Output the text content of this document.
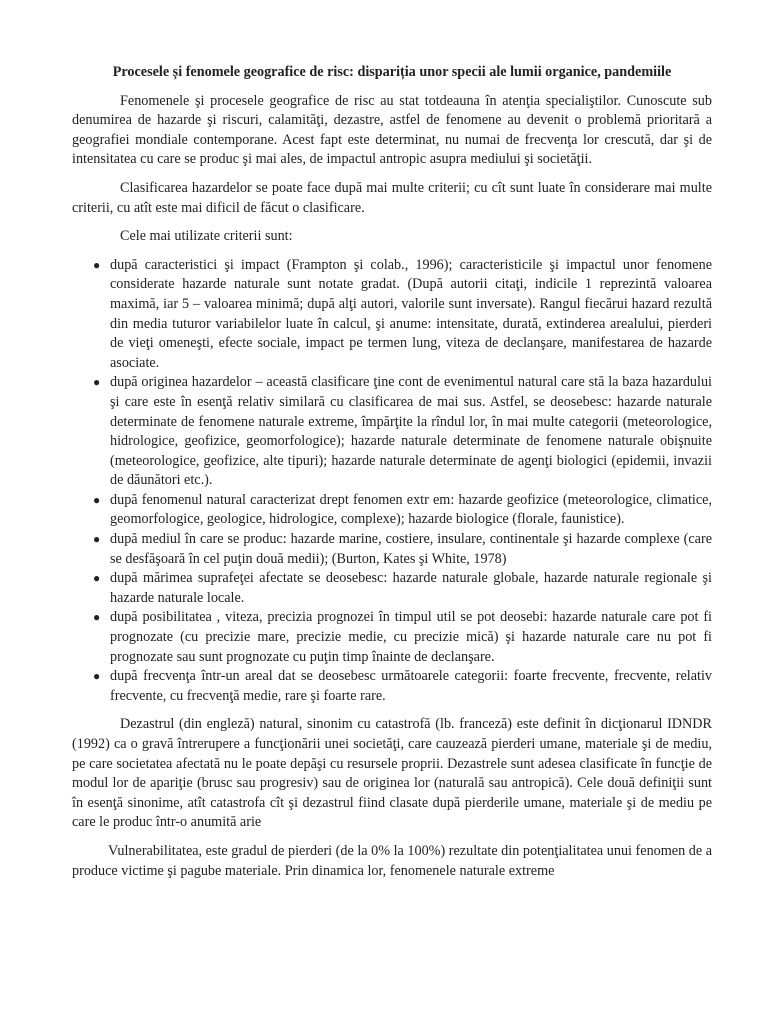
Procesele și fenomele geografice de risc: dispariția unor specii ale lumii organice, pandemiile

Fenomenele şi procesele geografice de risc au stat totdeauna în atenţia specialiştilor. Cunoscute sub denumirea de hazarde şi riscuri, calamităţi, dezastre, astfel de fenomene au devenit o problemă prioritară a geografiei mondiale contemporane. Acest fapt este determinat, nu numai de frecvenţa lor crescută, dar şi de intensitatea cu care se produc şi mai ales, de impactul antropic asupra mediului şi societăţii.

Clasificarea hazardelor se poate face după mai multe criterii; cu cît sunt luate în considerare mai multe criterii, cu atît este mai dificil de făcut o clasificare.

Cele mai utilizate criterii sunt:

● după caracteristici şi impact (Frampton şi colab., 1996); caracteristicile şi impactul unor fenomene considerate hazarde naturale sunt notate gradat. (După autorii citaţi, indicile 1 reprezintă valoarea maximă, iar 5 – valoarea minimă; după alţi autori, valorile sunt inversate). Rangul fiecărui hazard rezultă din media tuturor variabilelor luate în calcul, şi anume: intensitate, durată, extinderea arealului, pierderi de vieţi omeneşti, efecte sociale, impact pe termen lung, viteza de declanşare, manifestarea de hazarde asociate.
● după originea hazardelor – această clasificare ţine cont de evenimentul natural care stă la baza hazardului şi care este în esenţă relativ similară cu clasificarea de mai sus. Astfel, se deosebesc: hazarde naturale determinate de fenomene naturale extreme, împărţite la rîndul lor, în mai multe categorii (meteorologice, hidrologice, geofizice, geomorfologice); hazarde naturale determinate de fenomene naturale obişnuite (meteorologice, geofizice, alte tipuri); hazarde naturale determinate de agenţi biologici (epidemii, invazii de dăunători etc.).
● după fenomenul natural caracterizat drept fenomen extr em: hazarde geofizice (meteorologice, climatice, geomorfologice, geologice, hidrologice, complexe); hazarde biologice (florale, faunistice).
● după mediul în care se produc: hazarde marine, costiere, insulare, continentale şi hazarde complexe (care se desfăşoară în cel puţin două medii); (Burton, Kates şi White, 1978)
● după mărimea suprafeţei afectate se deosebesc: hazarde naturale globale, hazarde naturale regionale şi hazarde naturale locale.
● după posibilitatea , viteza, precizia prognozei în timpul util se pot deosebi: hazarde naturale care pot fi prognozate (cu precizie mare, precizie medie, cu precizie mică) şi hazarde naturale care nu pot fi prognozate sau sunt prognozate cu puţin timp înainte de declanşare.
● după frecvenţa într-un areal dat se deosebesc următoarele categorii: foarte frecvente, frecvente, relativ frecvente, cu frecvenţă medie, rare şi foarte rare.

Dezastrul (din engleză) natural, sinonim cu catastrofă (lb. franceză) este definit în dicţionarul IDNDR (1992) ca o gravă întrerupere a funcţionării unei societăţi, care cauzează pierderi umane, materiale şi de mediu, pe care societatea afectată nu le poate depăşi cu resursele proprii. Dezastrele sunt adesea clasificate în funcţie de modul lor de apariţie (brusc sau progresiv) sau de originea lor (naturală sau antropică). Cele două definiţii sunt în esenţă sinonime, atît catastrofa cît şi dezastrul fiind clasate după pierderile umane, materiale şi de mediu pe care le produc într-o anumită arie

Vulnerabilitatea, este gradul de pierderi (de la 0% la 100%) rezultate din potenţialitatea unui fenomen de a produce victime şi pagube materiale. Prin dinamica lor, fenomenele naturale extreme
